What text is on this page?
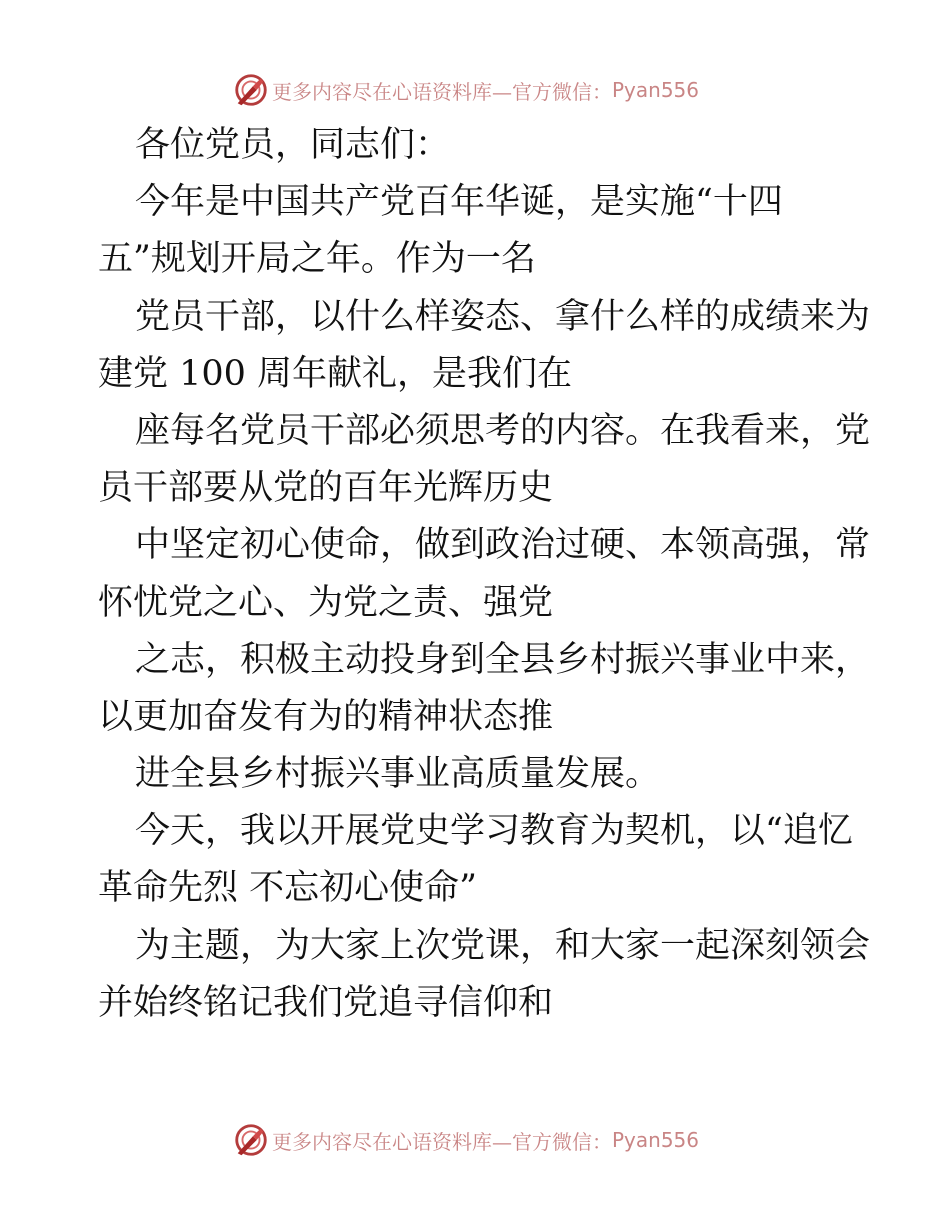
更多内容尽在心语资料库—官方微信： Pyan556
各位党员，同志们：
今年是中国共产党百年华诞，是实施“十四
五”规划开局之年。作为一名
党员干部，以什么样姿态、拿什么样的成绩来为
建党 100 周年献礼，是我们在
座每名党员干部必须思考的内容。在我看来，党
员干部要从党的百年光辉历史
中坚定初心使命，做到政治过硬、本领高强，常
怀忧党之心、为党之责、强党
之志，积极主动投身到全县乡村振兴事业中来，
以更加奋发有为的精神状态推
进全县乡村振兴事业高质量发展。
今天，我以开展党史学习教育为契机，以“追忆
革命先烈 不忘初心使命”
为主题，为大家上次党课，和大家一起深刻领会
并始终铭记我们党追寻信仰和
更多内容尽在心语资料库—官方微信： Pyan556
